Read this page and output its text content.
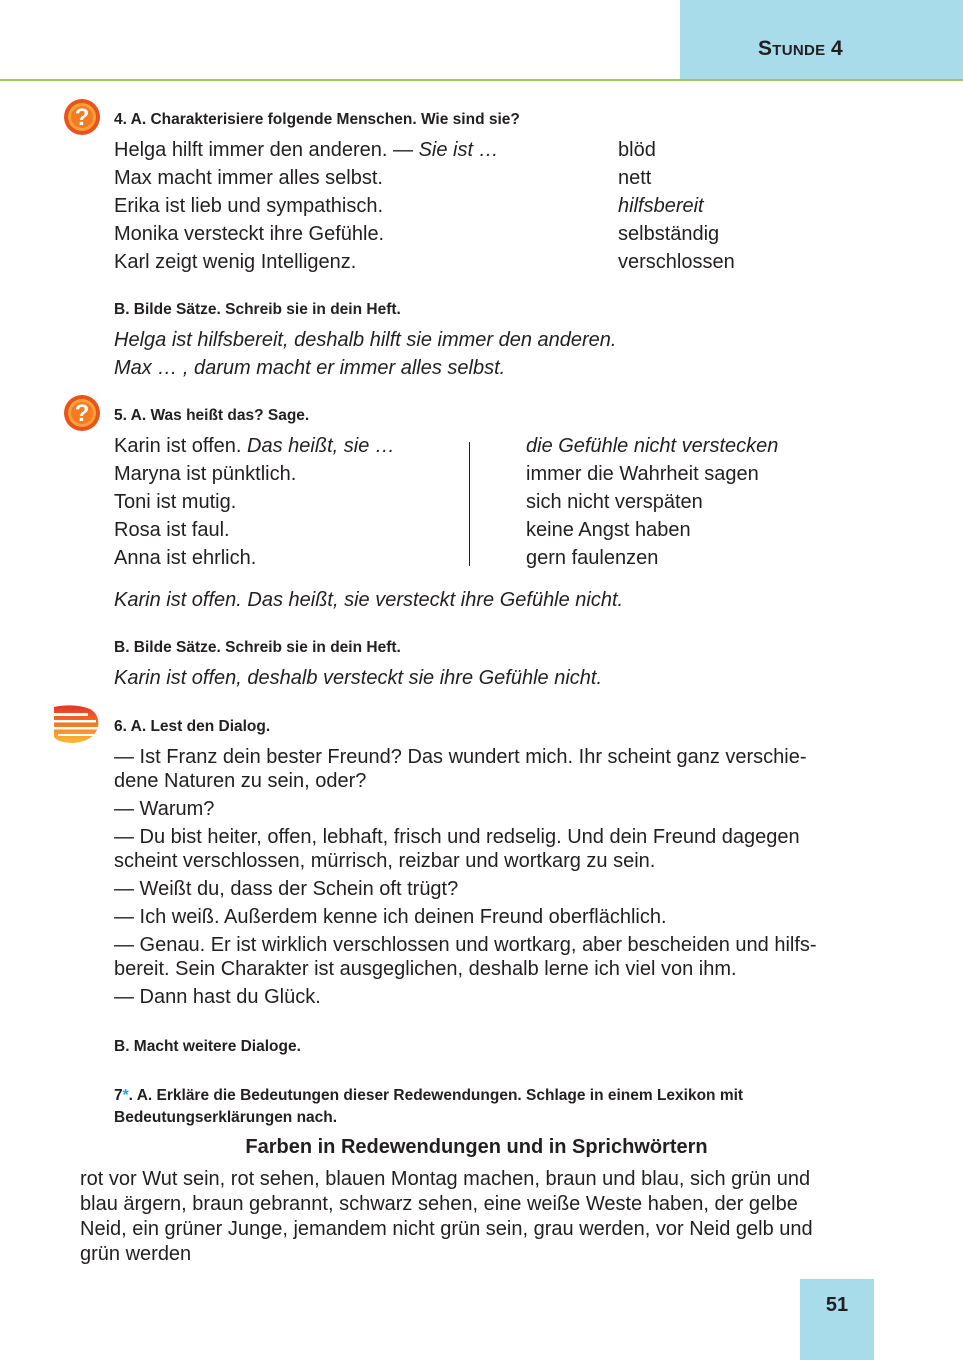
STUNDE 4
? 4. A. Charakterisiere folgende Menschen. Wie sind sie?
Helga hilft immer den anderen. — Sie ist …	blöd
Max macht immer alles selbst.	nett
Erika ist lieb und sympathisch.	hilfsbereit
Monika versteckt ihre Gefühle.	selbständig
Karl zeigt wenig Intelligenz.	verschlossen
B. Bilde Sätze. Schreib sie in dein Heft.
Helga ist hilfsbereit, deshalb hilft sie immer den anderen.
Max … , darum macht er immer alles selbst.
? 5. A. Was heißt das? Sage.
Karin ist offen. Das heißt, sie …	die Gefühle nicht verstecken
Maryna ist pünktlich.	immer die Wahrheit sagen
Toni ist mutig.	sich nicht verspäten
Rosa ist faul.	keine Angst haben
Anna ist ehrlich.	gern faulenzen
Karin ist offen. Das heißt, sie versteckt ihre Gefühle nicht.
B. Bilde Sätze. Schreib sie in dein Heft.
Karin ist offen, deshalb versteckt sie ihre Gefühle nicht.
6. A. Lest den Dialog.
— Ist Franz dein bester Freund? Das wundert mich. Ihr scheint ganz verschie-
dene Naturen zu sein, oder?
— Warum?
— Du bist heiter, offen, lebhaft, frisch und redselig. Und dein Freund dagegen
scheint verschlossen, mürrisch, reizbar und wortkarg zu sein.
— Weißt du, dass der Schein oft trügt?
— Ich weiß. Außerdem kenne ich deinen Freund oberflächlich.
— Genau. Er ist wirklich verschlossen und wortkarg, aber bescheiden und hilfs-
bereit. Sein Charakter ist ausgeglichen, deshalb lerne ich viel von ihm.
— Dann hast du Glück.
B. Macht weitere Dialoge.
7*. A. Erkläre die Bedeutungen dieser Redewendungen. Schlage in einem Lexikon mit
Bedeutungserklärungen nach.
Farben in Redewendungen und in Sprichwörtern
rot vor Wut sein, rot sehen, blauen Montag machen, braun und blau, sich grün und
blau ärgern, braun gebrannt, schwarz sehen, eine weiße Weste haben, der gelbe
Neid, ein grüner Junge, jemandem nicht grün sein, grau werden, vor Neid gelb und
grün werden
51
